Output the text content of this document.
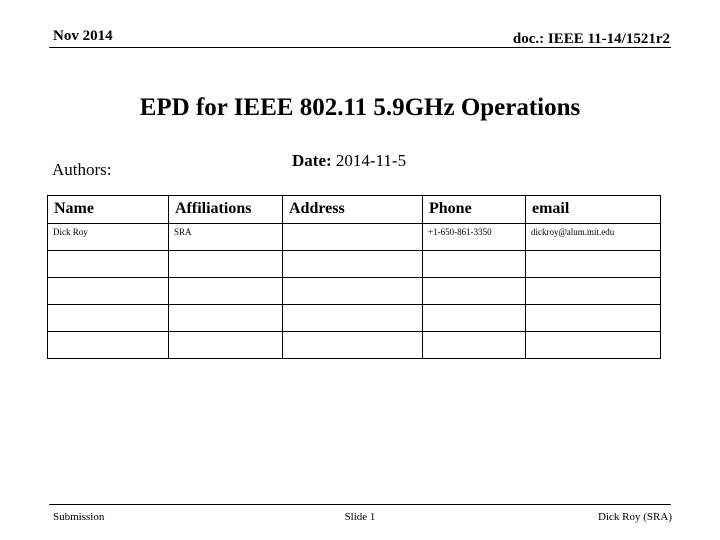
Nov 2014	doc.: IEEE 11-14/1521r2
EPD for IEEE 802.11 5.9GHz Operations
Date: 2014-11-5
Authors:
Name	Affiliations	Address	Phone	email
Dick Roy	SRA		+1-650-861-3350	dickroy@alum.mit.edu

Submission	Slide 1	Dick Roy (SRA)
